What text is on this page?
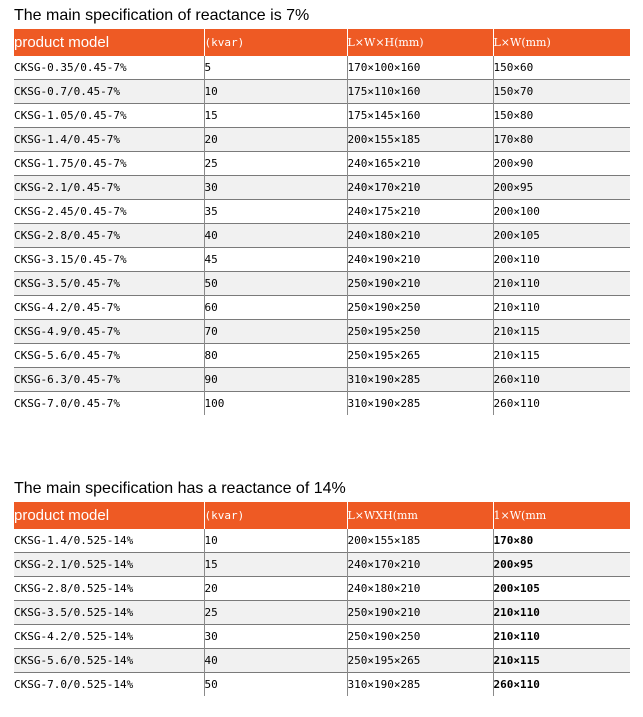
The main specification of reactance is 7%
product model	(kvar)	L×W×H(mm)	L×W(mm)
CKSG-0.35/0.45-7%	5	170×100×160	150×60
CKSG-0.7/0.45-7%	10	175×110×160	150×70
CKSG-1.05/0.45-7%	15	175×145×160	150×80
CKSG-1.4/0.45-7%	20	200×155×185	170×80
CKSG-1.75/0.45-7%	25	240×165×210	200×90
CKSG-2.1/0.45-7%	30	240×170×210	200×95
CKSG-2.45/0.45-7%	35	240×175×210	200×100
CKSG-2.8/0.45-7%	40	240×180×210	200×105
CKSG-3.15/0.45-7%	45	240×190×210	200×110
CKSG-3.5/0.45-7%	50	250×190×210	210×110
CKSG-4.2/0.45-7%	60	250×190×250	210×110
CKSG-4.9/0.45-7%	70	250×195×250	210×115
CKSG-5.6/0.45-7%	80	250×195×265	210×115
CKSG-6.3/0.45-7%	90	310×190×285	260×110
CKSG-7.0/0.45-7%	100	310×190×285	260×110
The main specification has a reactance of 14%
product model	(kvar)	L×WXH(mm	1×W(mm
CKSG-1.4/0.525-14%	10	200×155×185	170×80
CKSG-2.1/0.525-14%	15	240×170×210	200×95
CKSG-2.8/0.525-14%	20	240×180×210	200×105
CKSG-3.5/0.525-14%	25	250×190×210	210×110
CKSG-4.2/0.525-14%	30	250×190×250	210×110
CKSG-5.6/0.525-14%	40	250×195×265	210×115
CKSG-7.0/0.525-14%	50	310×190×285	260×110
